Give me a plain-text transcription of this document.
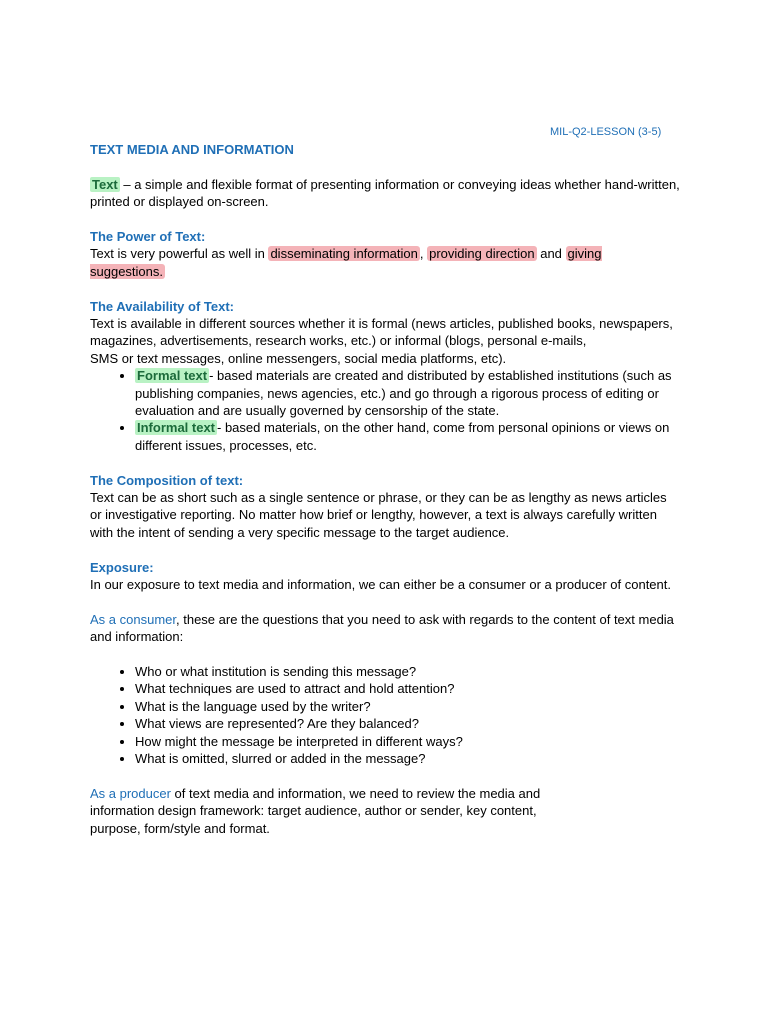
MIL-Q2-LESSON (3-5)
TEXT MEDIA AND INFORMATION

Text – a simple and flexible format of presenting information or conveying ideas whether hand-written, printed or displayed on-screen.

The Power of Text:

Text is very powerful as well in disseminating information , providing direction and giving suggestions.

The Availability of Text:

Text is available in different sources whether it is formal (news articles, published books, newspapers, magazines, advertisements, research works, etc.) or informal (blogs, personal e-mails,

SMS or text messages, online messengers, social media platforms, etc).

• Formal text - based materials are created and distributed by established institutions (such as publishing companies, news agencies, etc.) and go through a rigorous process of editing or evaluation and are usually governed by censorship of the state.
• Informal text - based materials, on the other hand, come from personal opinions or views on different issues, processes, etc.
The Composition of text:

Text can be as short such as a single sentence or phrase, or they can be as lengthy as news articles or investigative reporting. No matter how brief or lengthy, however, a text is always carefully written with the intent of sending a very specific message to the target audience.

Exposure:

In our exposure to text media and information, we can either be a consumer or a producer of content.

As a consumer, these are the questions that you need to ask with regards to the content of text media and information:

• Who or what institution is sending this message?
• What techniques are used to attract and hold attention?
• What is the language used by the writer?
• What views are represented? Are they balanced?
• How might the message be interpreted in different ways?
• What is omitted, slurred or added in the message?

As a producer of text media and information, we need to review the media and
information design framework: target audience, author or sender, key content,
purpose, form/style and format.
